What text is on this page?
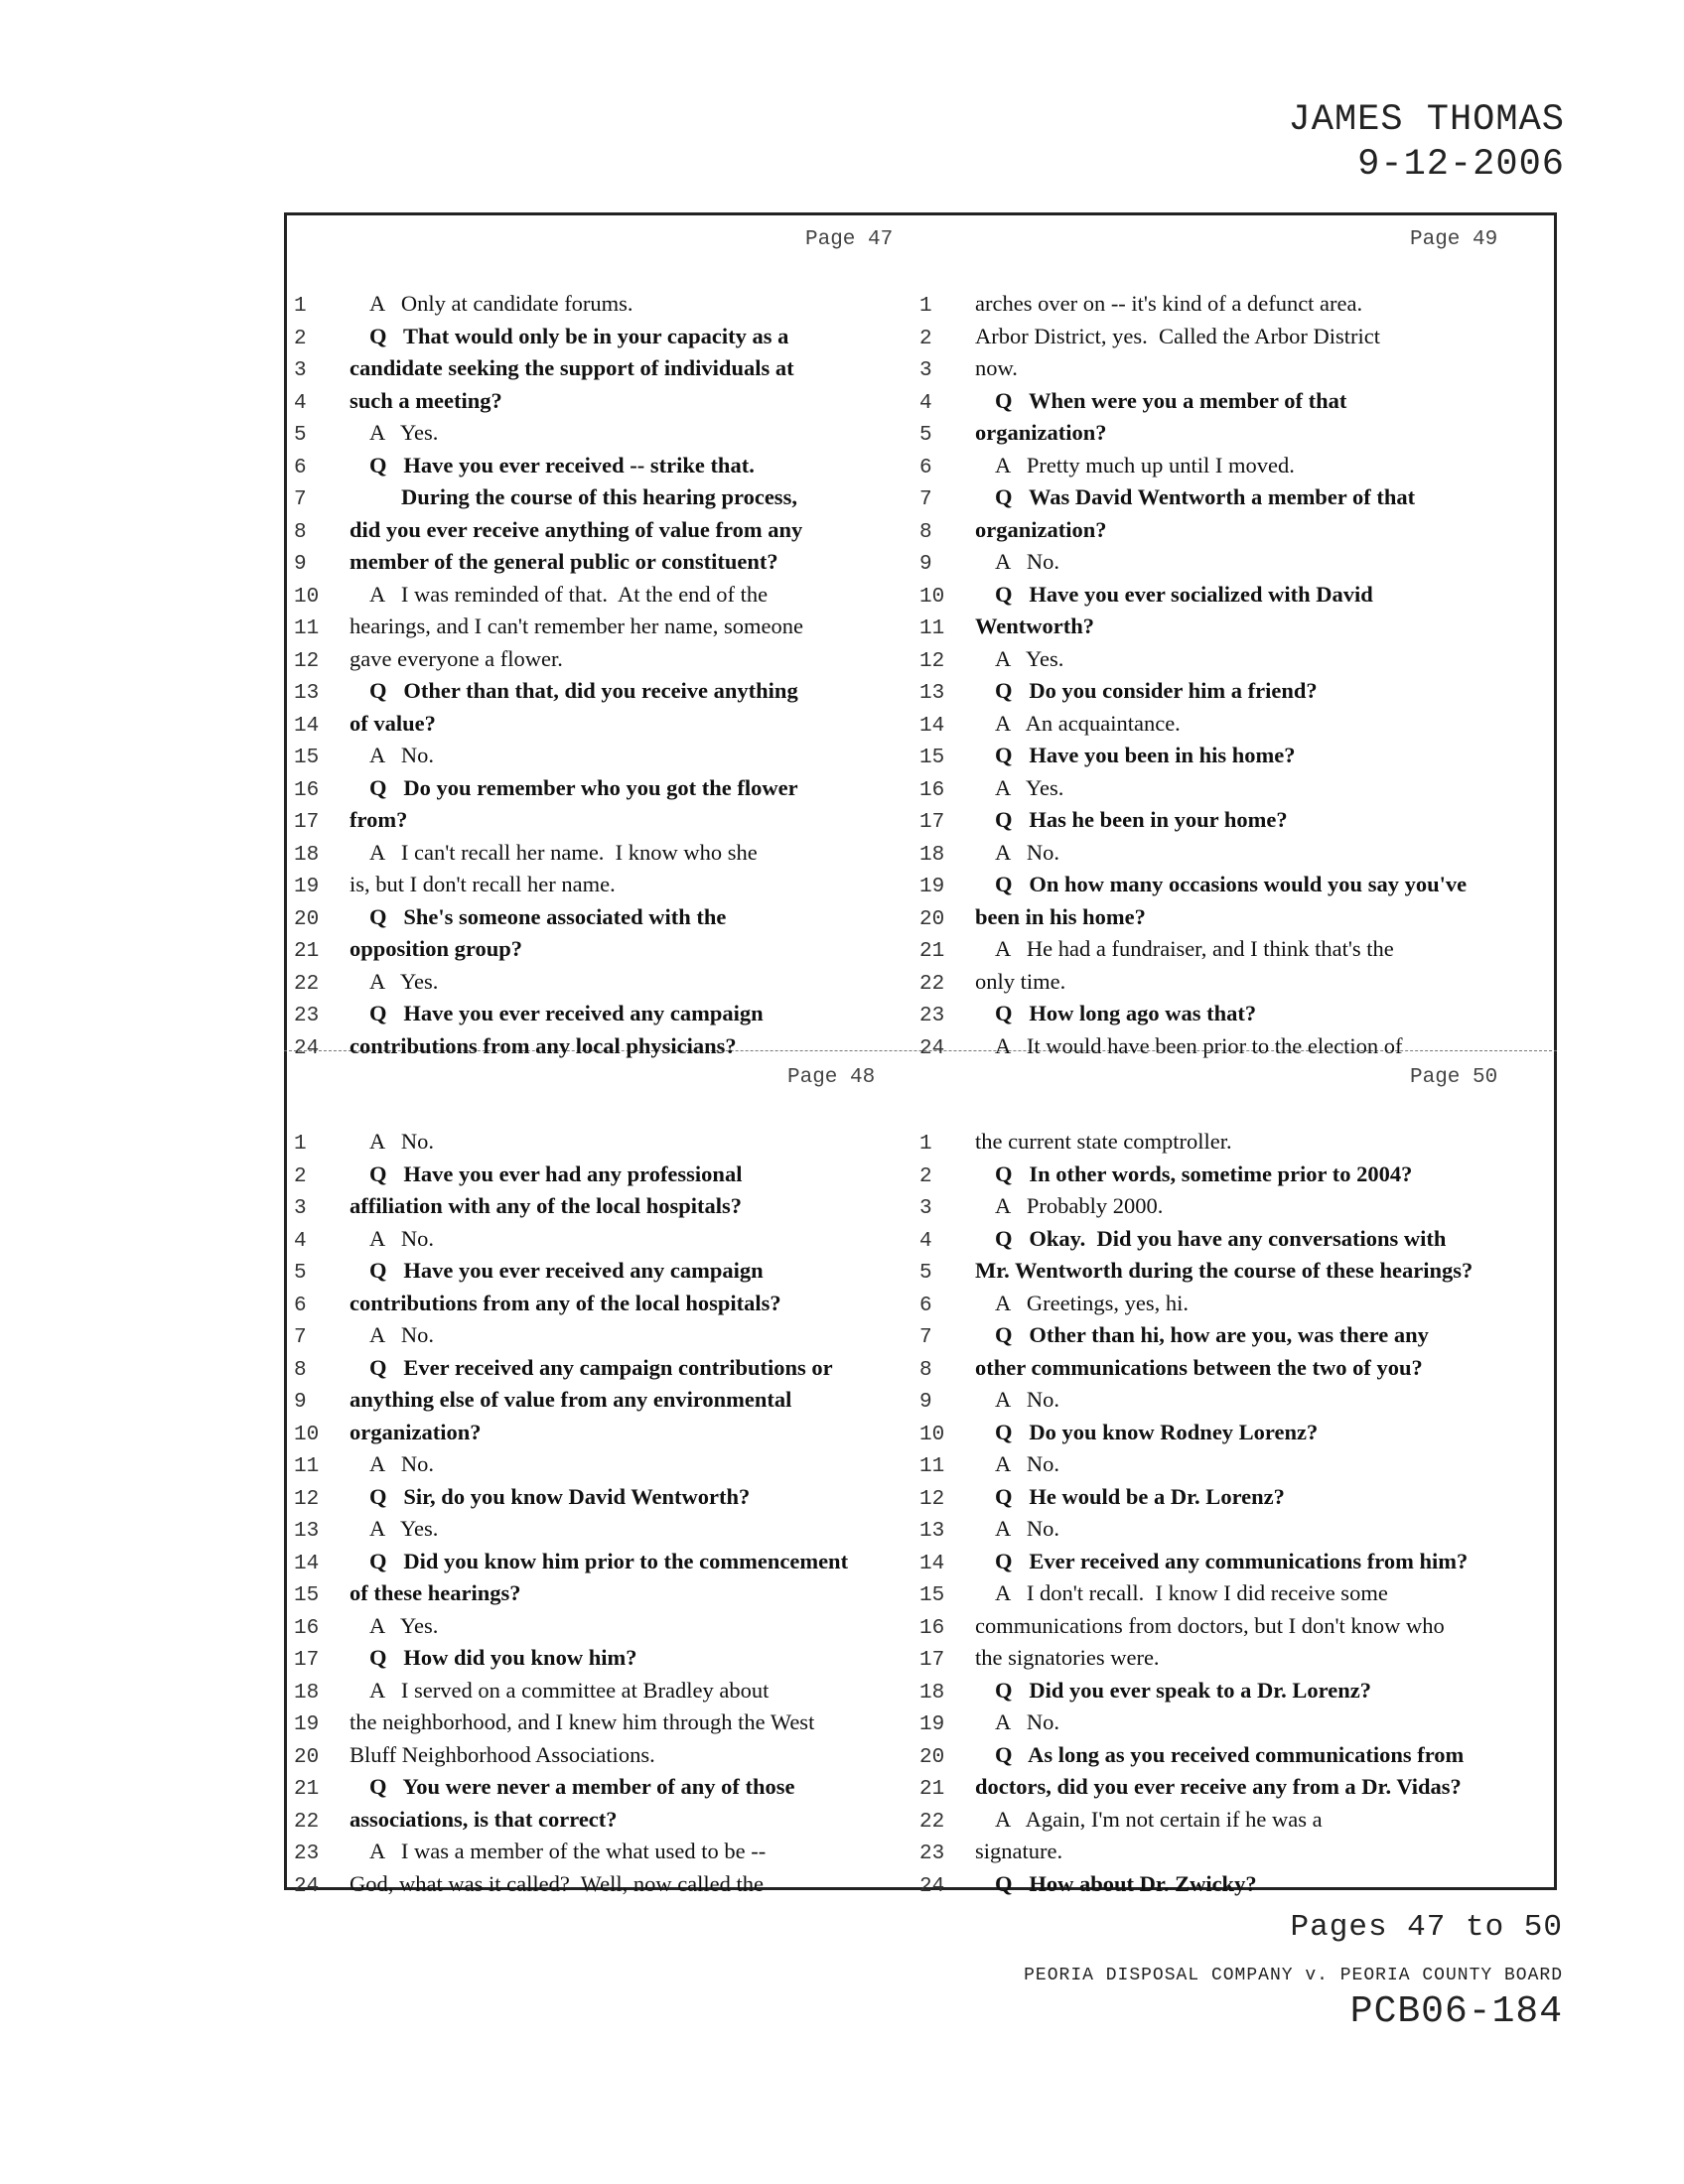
JAMES THOMAS
9-12-2006
Page 47
1	A   Only at candidate forums.
2	Q   That would only be in your capacity as a
3 candidate seeking the support of individuals at
4 such a meeting?
5	A   Yes.
6	Q   Have you ever received -- strike that.
7	During the course of this hearing process,
8 did you ever receive anything of value from any
9 member of the general public or constituent?
10 A   I was reminded of that.  At the end of the
11 hearings, and I can't remember her name, someone
12 gave everyone a flower.
13 Q   Other than that, did you receive anything
14 of value?
15 A   No.
16 Q   Do you remember who you got the flower
17 from?
18 A   I can't recall her name.  I know who she
19 is, but I don't recall her name.
20 Q   She's someone associated with the
21 opposition group?
22 A   Yes.
23 Q   Have you ever received any campaign
24 contributions from any local physicians?
Page 49
1 arches over on -- it's kind of a defunct area.
2 Arbor District, yes.  Called the Arbor District
3 now.
4	Q   When were you a member of that
5 organization?
6	A   Pretty much up until I moved.
7	Q   Was David Wentworth a member of that
8 organization?
9	A   No.
10 Q   Have you ever socialized with David
11 Wentworth?
12 A   Yes.
13 Q   Do you consider him a friend?
14 A   An acquaintance.
15 Q   Have you been in his home?
16 A   Yes.
17 Q   Has he been in your home?
18 A   No.
19 Q   On how many occasions would you say you've
20 been in his home?
21 A   He had a fundraiser, and I think that's the
22 only time.
23 Q   How long ago was that?
24 A   It would have been prior to the election of
Page 48
1	A   No.
2	Q   Have you ever had any professional
3 affiliation with any of the local hospitals?
4	A   No.
5	Q   Have you ever received any campaign
6 contributions from any of the local hospitals?
7	A   No.
8	Q   Ever received any campaign contributions or
9 anything else of value from any environmental
10 organization?
11 A   No.
12 Q   Sir, do you know David Wentworth?
13 A   Yes.
14 Q   Did you know him prior to the commencement
15 of these hearings?
16 A   Yes.
17 Q   How did you know him?
18 A   I served on a committee at Bradley about
19 the neighborhood, and I knew him through the West
20 Bluff Neighborhood Associations.
21 Q   You were never a member of any of those
22 associations, is that correct?
23 A   I was a member of the what used to be --
24 God, what was it called?  Well, now called the
Page 50
1 the current state comptroller.
2	Q   In other words, sometime prior to 2004?
3	A   Probably 2000.
4	Q   Okay.  Did you have any conversations with
5 Mr. Wentworth during the course of these hearings?
6	A   Greetings, yes, hi.
7	Q   Other than hi, how are you, was there any
8 other communications between the two of you?
9	A   No.
10 Q   Do you know Rodney Lorenz?
11 A   No.
12 Q   He would be a Dr. Lorenz?
13 A   No.
14 Q   Ever received any communications from him?
15 A   I don't recall.  I know I did receive some
16 communications from doctors, but I don't know who
17 the signatories were.
18 Q   Did you ever speak to a Dr. Lorenz?
19 A   No.
20 Q   As long as you received communications from
21 doctors, did you ever receive any from a Dr. Vidas?
22 A   Again, I'm not certain if he was a
23 signature.
24 Q   How about Dr. Zwicky?
Pages 47 to 50
PEORIA DISPOSAL COMPANY v. PEORIA COUNTY BOARD
PCB06-184
